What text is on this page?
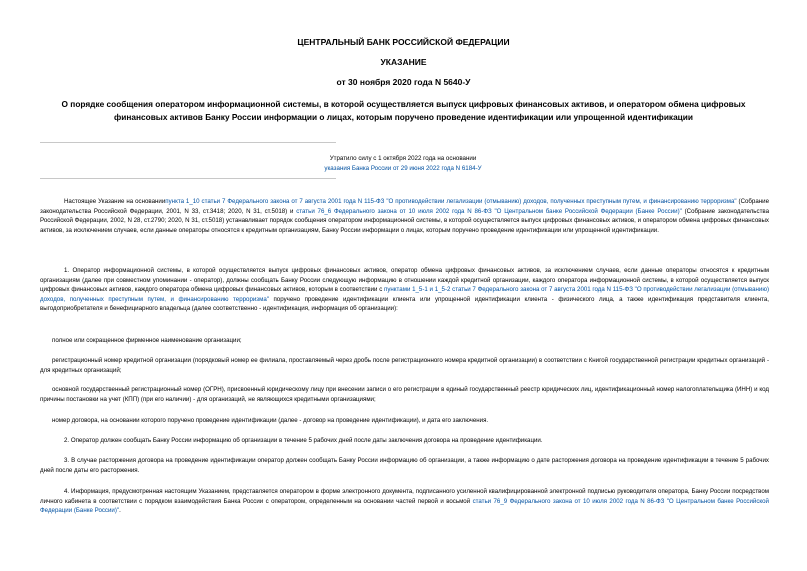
ЦЕНТРАЛЬНЫЙ БАНК РОССИЙСКОЙ ФЕДЕРАЦИИ
УКАЗАНИЕ
от 30 ноября 2020 года N 5640-У
О порядке сообщения оператором информационной системы, в которой осуществляется выпуск цифровых финансовых активов, и оператором обмена цифровых финансовых активов Банку России информации о лицах, которым поручено проведение идентификации или упрощенной идентификации
Утратило силу с 1 октября 2022 года на основании
указания Банка России от 29 июня 2022 года N 6184-У

Настоящее Указание на основаниипункта 1_10 статьи 7 Федерального закона от 7 августа 2001 года N 115-ФЗ "О противодействии легализации (отмыванию) доходов, полученных преступным путем, и финансированию терроризма" (Собрание законодательства Российской Федерации, 2001, N 33, ст.3418; 2020, N 31, ст.5018) и статьи 76_6 Федерального закона от 10 июля 2002 года N 86-ФЗ "О Центральном банке Российской Федерации (Банке России)" (Собрание законодательства Российской Федерации, 2002, N 28, ст.2790; 2020, N 31, ст.5018) устанавливает порядок сообщения оператором информационной системы, в которой осуществляется выпуск цифровых финансовых активов, и оператором обмена цифровых финансовых активов, за исключением случаев, если данные операторы относятся к кредитным организациям, Банку России информации о лицах, которым поручено проведение идентификации или упрощенной идентификации.

1. Оператор информационной системы, в которой осуществляется выпуск цифровых финансовых активов, оператор обмена цифровых финансовых активов, за исключением случаев, если данные операторы относятся к кредитным организациям (далее при совместном упоминании - оператор), должны сообщать Банку России следующую информацию в отношении каждой кредитной организации, каждого оператора информационной системы, в которой осуществляется выпуск цифровых финансовых активов, каждого оператора обмена цифровых финансовых активов, которым в соответствии с пунктами 1_5-1 и 1_5-2 статьи 7 Федерального закона от 7 августа 2001 года N 115-ФЗ "О противодействии легализации (отмыванию) доходов, полученных преступным путем, и финансированию терроризма" поручено проведение идентификации клиента или упрощенной идентификации клиента - физического лица, а также идентификация представителя клиента, выгодоприобретателя и бенефициарного владельца (далее соответственно - идентификация, информация об организации):

полное или сокращенное фирменное наименование организации;

регистрационный номер кредитной организации (порядковый номер ее филиала, проставляемый через дробь после регистрационного номера кредитной организации) в соответствии с Книгой государственной регистрации кредитных организаций - для кредитных организаций;

основной государственный регистрационный номер (ОГРН), присвоенный юридическому лицу при внесении записи о его регистрации в единый государственный реестр юридических лиц, идентификационный номер налогоплательщика (ИНН) и код причины постановки на учет (КПП) (при его наличии) - для организаций, не являющихся кредитными организациями;

номер договора, на основании которого поручено проведение идентификации (далее - договор на проведение идентификации), и дата его заключения.

2. Оператор должен сообщать Банку России информацию об организации в течение 5 рабочих дней после даты заключения договора на проведение идентификации.

3. В случае расторжения договора на проведение идентификации оператор должен сообщать Банку России информацию об организации, а также информацию о дате расторжения договора на проведение идентификации в течение 5 рабочих дней после даты его расторжения.

4. Информация, предусмотренная настоящим Указанием, представляется оператором в форме электронного документа, подписанного усиленной квалифицированной электронной подписью руководителя оператора, Банку России посредством личного кабинета в соответствии с порядком взаимодействия Банка России с оператором, определенным на основании частей первой и восьмой статьи 76_9 Федерального закона от 10 июля 2002 года N 86-ФЗ "О Центральном банке Российской Федерации (Банке России)".
